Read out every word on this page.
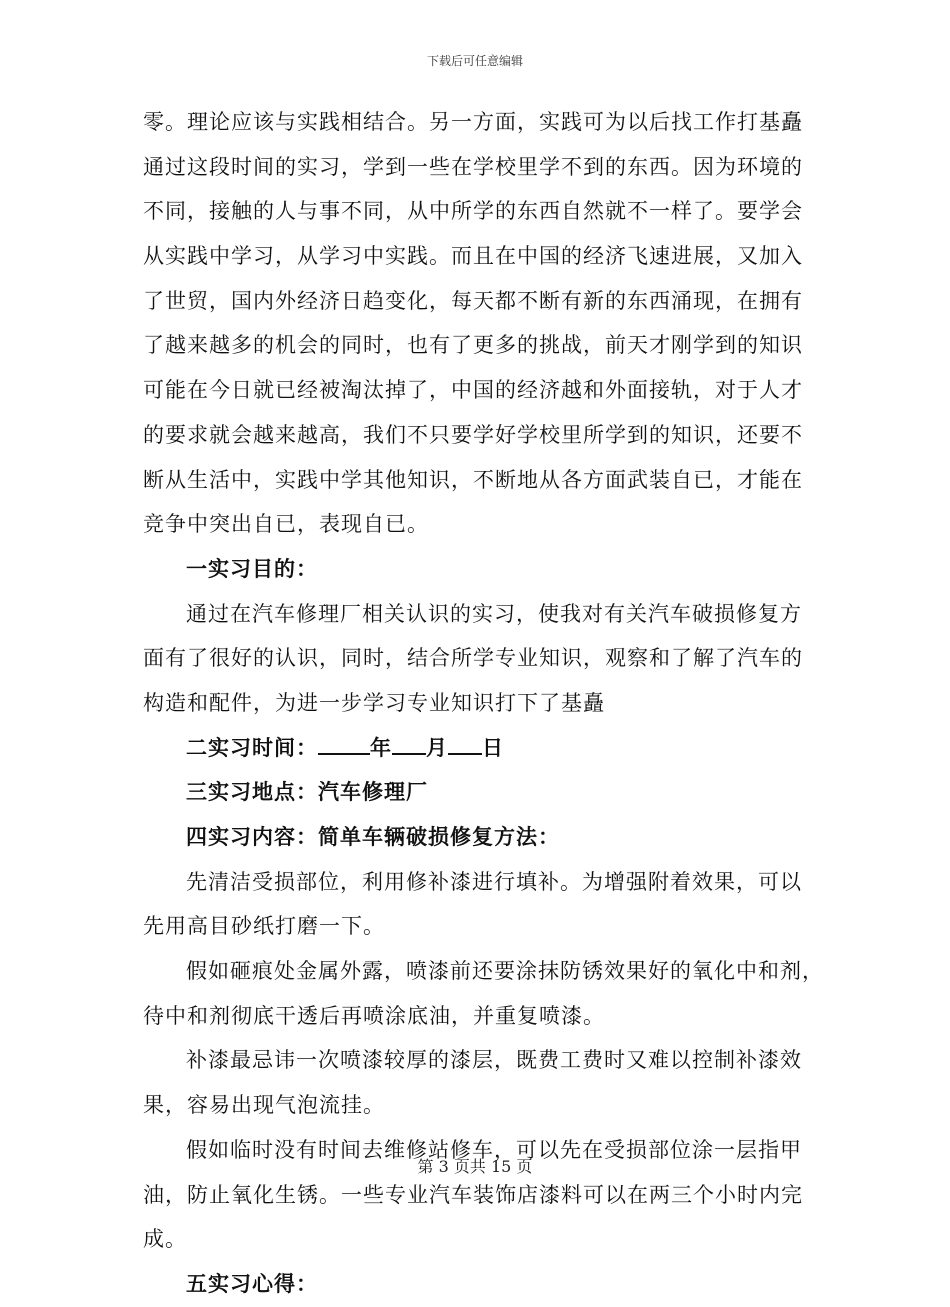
下载后可任意编辑
零。理论应该与实践相结合。另一方面，实践可为以后找工作打基矗
通过这段时间的实习，学到一些在学校里学不到的东西。因为环境的
不同，接触的人与事不同，从中所学的东西自然就不一样了。要学会
从实践中学习，从学习中实践。而且在中国的经济飞速进展，又加入
了世贸，国内外经济日趋变化，每天都不断有新的东西涌现，在拥有
了越来越多的机会的同时，也有了更多的挑战，前天才刚学到的知识
可能在今日就已经被淘汰掉了，中国的经济越和外面接轨，对于人才
的要求就会越来越高，我们不只要学好学校里所学到的知识，还要不
断从生活中，实践中学其他知识，不断地从各方面武装自已，才能在
竞争中突出自已，表现自已。
一实习目的：
通过在汽车修理厂相关认识的实习，使我对有关汽车破损修复方
面有了很好的认识，同时，结合所学专业知识，观察和了解了汽车的
构造和配件，为进一步学习专业知识打下了基矗
二实习时间： 年 月 日
三实习地点：汽车修理厂
四实习内容：简单车辆破损修复方法：
先清洁受损部位，利用修补漆进行填补。为增强附着效果，可以
先用高目砂纸打磨一下。
假如砸痕处金属外露，喷漆前还要涂抹防锈效果好的氧化中和剂，
待中和剂彻底干透后再喷涂底油，并重复喷漆。
补漆最忌讳一次喷漆较厚的漆层，既费工费时又难以控制补漆效
果，容易出现气泡流挂。
假如临时没有时间去维修站修车，可以先在受损部位涂一层指甲
油，防止氧化生锈。一些专业汽车装饰店漆料可以在两三个小时内完
成。
五实习心得：
第 3 页共 15 页
